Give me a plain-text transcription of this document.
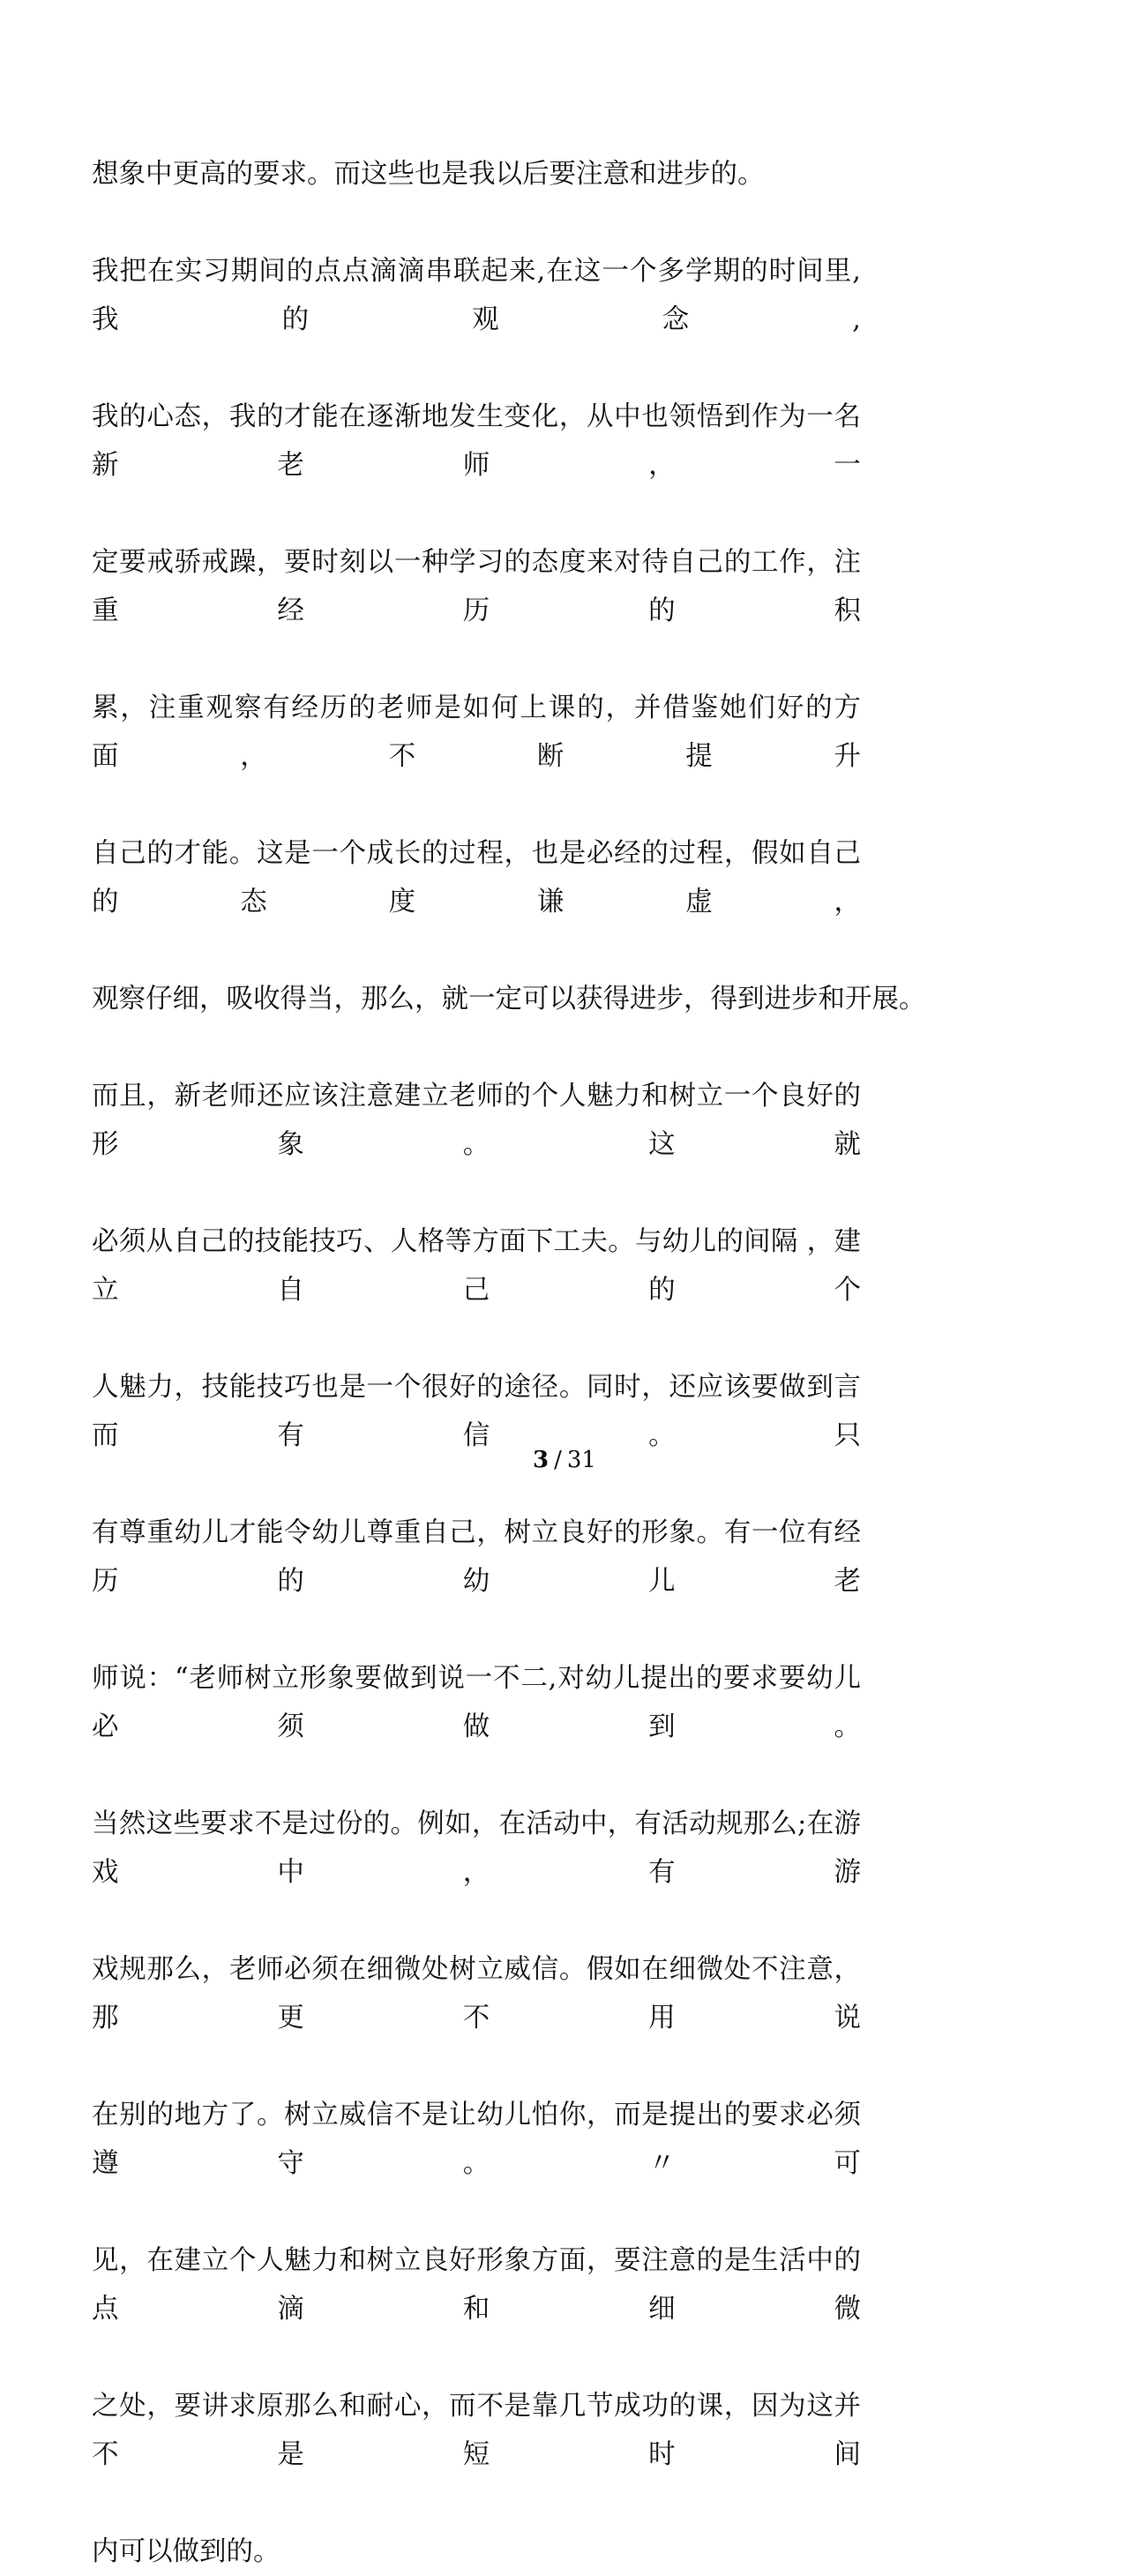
想象中更高的要求。而这些也是我以后要注意和进步的。
我把在实习期间的点点滴滴串联起来,在这一个多学期的时间里,我的观念,
我的心态，我的才能在逐渐地发生变化，从中也领悟到作为一名新老师，一
定要戒骄戒躁，要时刻以一种学习的态度来对待自己的工作，注重经历的积
累，注重观察有经历的老师是如何上课的，并借鉴她们好的方面，不断提升
自己的才能。这是一个成长的过程，也是必经的过程，假如自己的态度谦虚，
观察仔细，吸收得当，那么，就一定可以获得进步，得到进步和开展。
而且，新老师还应该注意建立老师的个人魅力和树立一个良好的形象。这就
必须从自己的技能技巧、人格等方面下工夫。与幼儿的间隔 ，建立自己的个
人魅力，技能技巧也是一个很好的途径。同时，还应该要做到言而有信。只
有尊重幼儿才能令幼儿尊重自己，树立良好的形象。有一位有经历的幼儿老
师说：“老师树立形象要做到说一不二,对幼儿提出的要求要幼儿必须做到。
当然这些要求不是过份的。例如，在活动中，有活动规那么;在游戏中，有游
戏规那么，老师必须在细微处树立威信。假如在细微处不注意，那更不用说
在别的地方了。树立威信不是让幼儿怕你，而是提出的要求必须遵守。〃可
见，在建立个人魅力和树立良好形象方面，要注意的是生活中的点滴和细微
之处，要讲求原那么和耐心，而不是靠几节成功的课，因为这并不是短时间
内可以做到的。
3 / 31
